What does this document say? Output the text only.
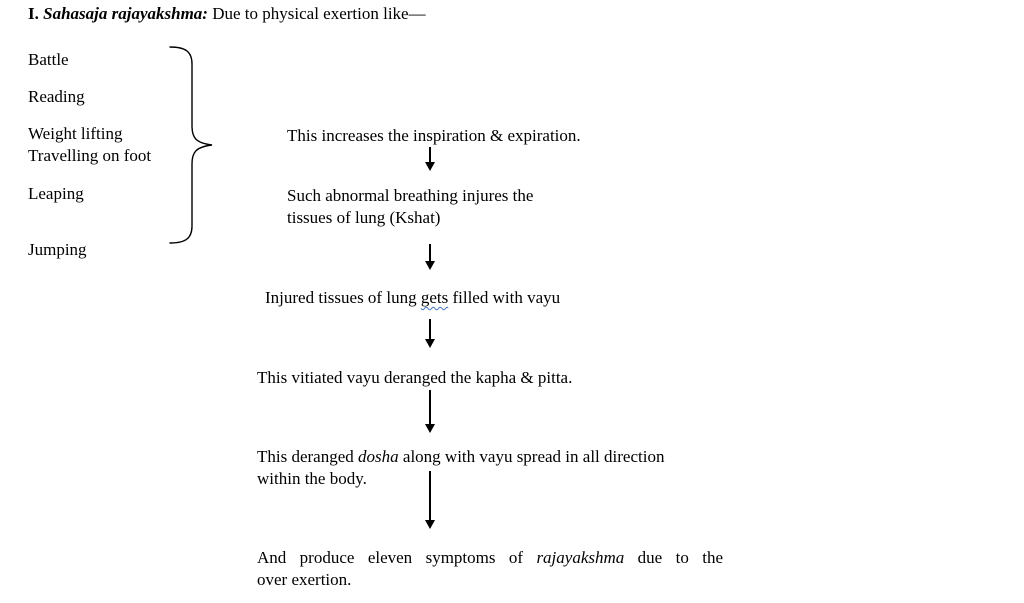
I. Sahasaja rajayakshma: Due to physical exertion like—
Battle
Reading
Weight lifting
Travelling on foot
Leaping
Jumping
This increases the inspiration & expiration.
Such abnormal breathing injures the
tissues of lung (Kshat)
Injured tissues of lung gets filled with vayu
This vitiated vayu deranged the kapha & pitta.
This deranged dosha along with vayu spread in all direction
within the body.
And produce eleven symptoms of rajayakshma due to the
over exertion.
